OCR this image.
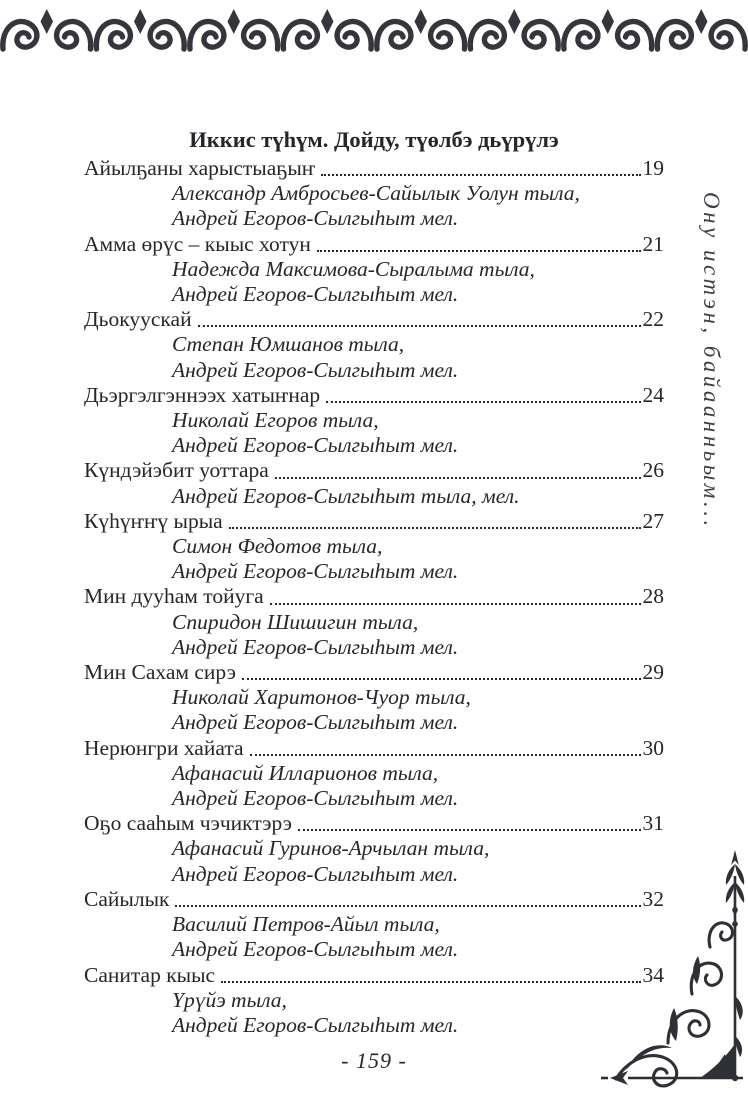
Иккис түһүм. Дойду, түөлбэ дьүрүлэ
Айылҕаны харыстыаҕыҥ	19
Александр Амбросьев-Сайылык Уолун тыла,
Андрей Егоров-Сылгыһыт мел.
Амма өрүс – кыыс хотун	21
Надежда Максимова-Сыралыма тыла,
Андрей Егоров-Сылгыһыт мел.
Дьокуускай	22
Степан Юмшанов тыла,
Андрей Егоров-Сылгыһыт мел.
Дьэргэлгэннээх хатыҥнар	24
Николай Егоров тыла,
Андрей Егоров-Сылгыһыт мел.
Күндэйэбит уоттара	26
Андрей Егоров-Сылгыһыт тыла, мел.
Күһүҥҥү ырыа	27
Симон Федотов тыла,
Андрей Егоров-Сылгыһыт мел.
Мин дууһам тойуга	28
Спиридон Шишигин тыла,
Андрей Егоров-Сылгыһыт мел.
Мин Сахам сирэ	29
Николай Харитонов-Чуор тыла,
Андрей Егоров-Сылгыһыт мел.
Нерюнгри хайата	30
Афанасий Илларионов тыла,
Андрей Егоров-Сылгыһыт мел.
Оҕо сааһым чэчиктэрэ	31
Афанасий Гуринов-Арчылан тыла,
Андрей Егоров-Сылгыһыт мел.
Сайылык	32
Василий Петров-Айыл тыла,
Андрей Егоров-Сылгыһыт мел.
Санитар кыыс	34
Үрүйэ тыла,
Андрей Егоров-Сылгыһыт мел.
Ону истэн, байаанньым...
- 159 -
